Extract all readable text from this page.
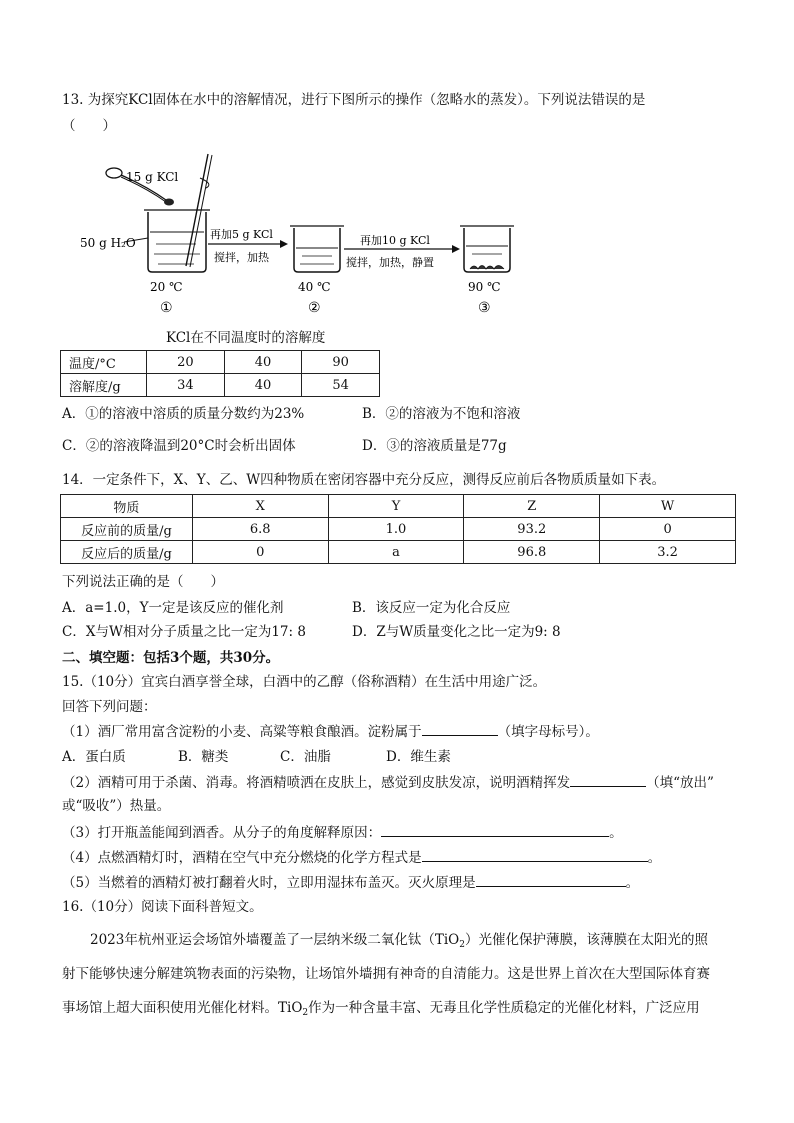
13. 为探究KCl固体在水中的溶解情况，进行下图所示的操作（忽略水的蒸发）。下列说法错误的是
（　　）
15 g KCl
50 g H₂O
20 ℃
①
再加5 g KCl
搅拌，加热
40 ℃
②
再加10 g KCl
搅拌，加热，静置
90 ℃
③
KCl在不同温度时的溶解度
温度/°C	20	40	90
溶解度/g	34	40	54
A．①的溶液中溶质的质量分数约为23%	B．②的溶液为不饱和溶液
C．②的溶液降温到20°C时会析出固体	D．③的溶液质量是77g
14．一定条件下，X、Y、乙、W四种物质在密闭容器中充分反应，测得反应前后各物质质量如下表。
物质	X	Y	Z	W
反应前的质量/g	6.8	1.0	93.2	0
反应后的质量/g	0	a	96.8	3.2
下列说法正确的是（　　）
A．a=1.0，Y一定是该反应的催化剂	B．该反应一定为化合反应
C．X与W相对分子质量之比一定为17: 8	D．Z与W质量变化之比一定为9: 8
二、填空题：包括3个题，共30分。
15.（10分）宜宾白酒享誉全球，白酒中的乙醇（俗称酒精）在生活中用途广泛。
回答下列问题：
（1）酒厂常用富含淀粉的小麦、高粱等粮食酿酒。淀粉属于	（填字母标号）。
A．蛋白质	B．糖类	C．油脂	D．维生素
（2）酒精可用于杀菌、消毒。将酒精喷洒在皮肤上，感觉到皮肤发凉，说明酒精挥发	（填“放出”
或“吸收”）热量。
（3）打开瓶盖能闻到酒香。从分子的角度解释原因：	。
（4）点燃酒精灯时，酒精在空气中充分燃烧的化学方程式是	。
（5）当燃着的酒精灯被打翻着火时，立即用湿抹布盖灭。灭火原理是	。
16.（10分）阅读下面科普短文。
2023年杭州亚运会场馆外墙覆盖了一层纳米级二氧化钛（TiO$_2$）光催化保护薄膜，该薄膜在太阳光的照
射下能够快速分解建筑物表面的污染物，让场馆外墙拥有神奇的自清能力。这是世界上首次在大型国际体育赛
事场馆上超大面积使用光催化材料。TiO$_2$作为一种含量丰富、无毒且化学性质稳定的光催化材料，广泛应用
